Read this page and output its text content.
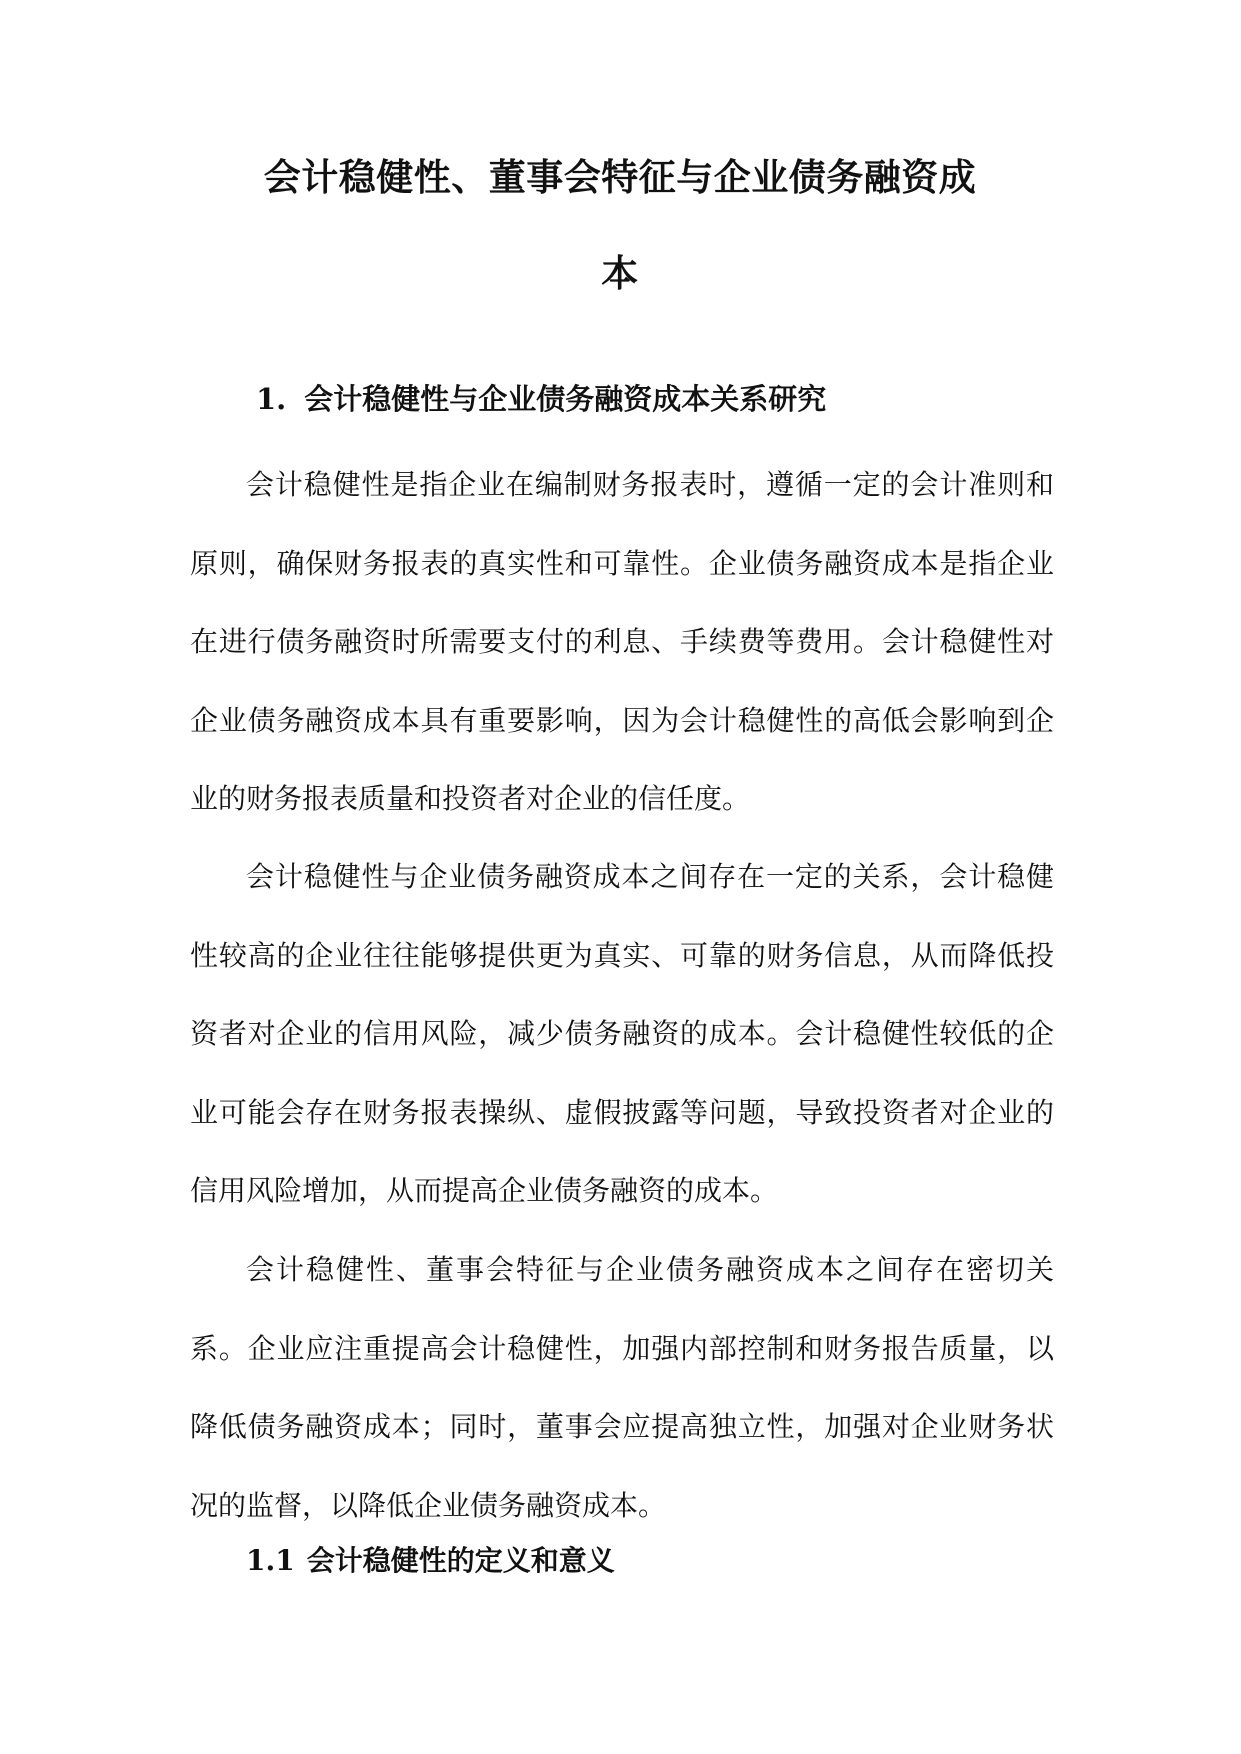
会计稳健性、董事会特征与企业债务融资成
本
1. 会计稳健性与企业债务融资成本关系研究

会计稳健性是指企业在编制财务报表时，遵循一定的会计准则和原则，确保财务报表的真实性和可靠性。企业债务融资成本是指企业在进行债务融资时所需要支付的利息、手续费等费用。会计稳健性对企业债务融资成本具有重要影响，因为会计稳健性的高低会影响到企业的财务报表质量和投资者对企业的信任度。

会计稳健性与企业债务融资成本之间存在一定的关系，会计稳健性较高的企业往往能够提供更为真实、可靠的财务信息，从而降低投资者对企业的信用风险，减少债务融资的成本。会计稳健性较低的企业可能会存在财务报表操纵、虚假披露等问题，导致投资者对企业的信用风险增加，从而提高企业债务融资的成本。

会计稳健性、董事会特征与企业债务融资成本之间存在密切关系。企业应注重提高会计稳健性，加强内部控制和财务报告质量，以降低债务融资成本；同时，董事会应提高独立性，加强对企业财务状况的监督，以降低企业债务融资成本。

1.1 会计稳健性的定义和意义
